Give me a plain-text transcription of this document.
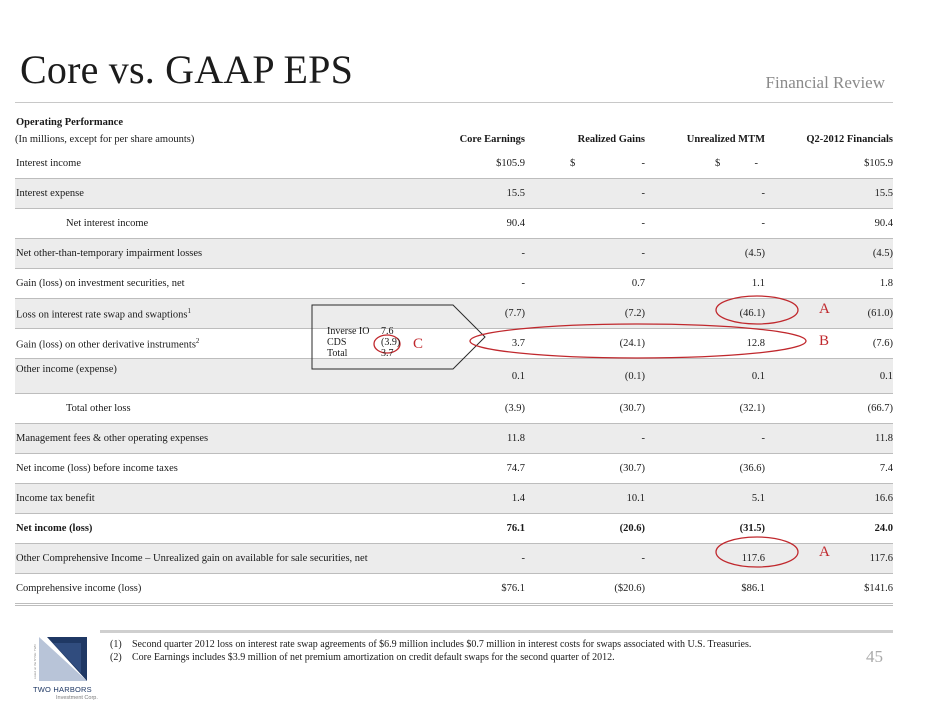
Core vs. GAAP EPS	Financial Review
Operating Performance
(In millions, except for per share amounts)	Core Earnings	Realized Gains	Unrealized MTM	Q2-2012 Financials
Interest income	$105.9	$ -	$ -	$105.9
Interest expense	15.5	-	-	15.5
Net interest income	90.4	-	-	90.4
Net other-than-temporary impairment losses	-	-	(4.5)	(4.5)
Gain (loss) on investment securities, net	-	0.7	1.1	1.8
Loss on interest rate swap and swaptions$^1$	(7.7)	(7.2)	(46.1)	(61.0)
Gain (loss) on other derivative instruments$^2$	3.7	(24.1)	12.8	(7.6)
Other income (expense)	0.1	(0.1)	0.1	0.1
Total other loss	(3.9)	(30.7)	(32.1)	(66.7)
Management fees & other operating expenses	11.8	-	-	11.8
Net income (loss) before income taxes	74.7	(30.7)	(36.6)	7.4
Income tax benefit	1.4	10.1	5.1	16.6
Net income (loss)	76.1	(20.6)	(31.5)	24.0
Other Comprehensive Income – Unrealized gain on available for sale securities, net	-	-	117.6	117.6
Comprehensive income (loss)	$76.1	($20.6)	$86.1	$141.6
Inverse IO	7.6
CDS	(3.9)
Total	3.7
A
B
C
A
(1)	Second quarter 2012 loss on interest rate swap agreements of $6.9 million includes $0.7 million in interest costs for swaps associated with U.S. Treasuries.
(2)	Core Earnings includes $3.9 million of net premium amortization on credit default swaps for the second quarter of 2012.	45
Listed on the NYSE: TWO
TWO HARBORS
Investment Corp.
